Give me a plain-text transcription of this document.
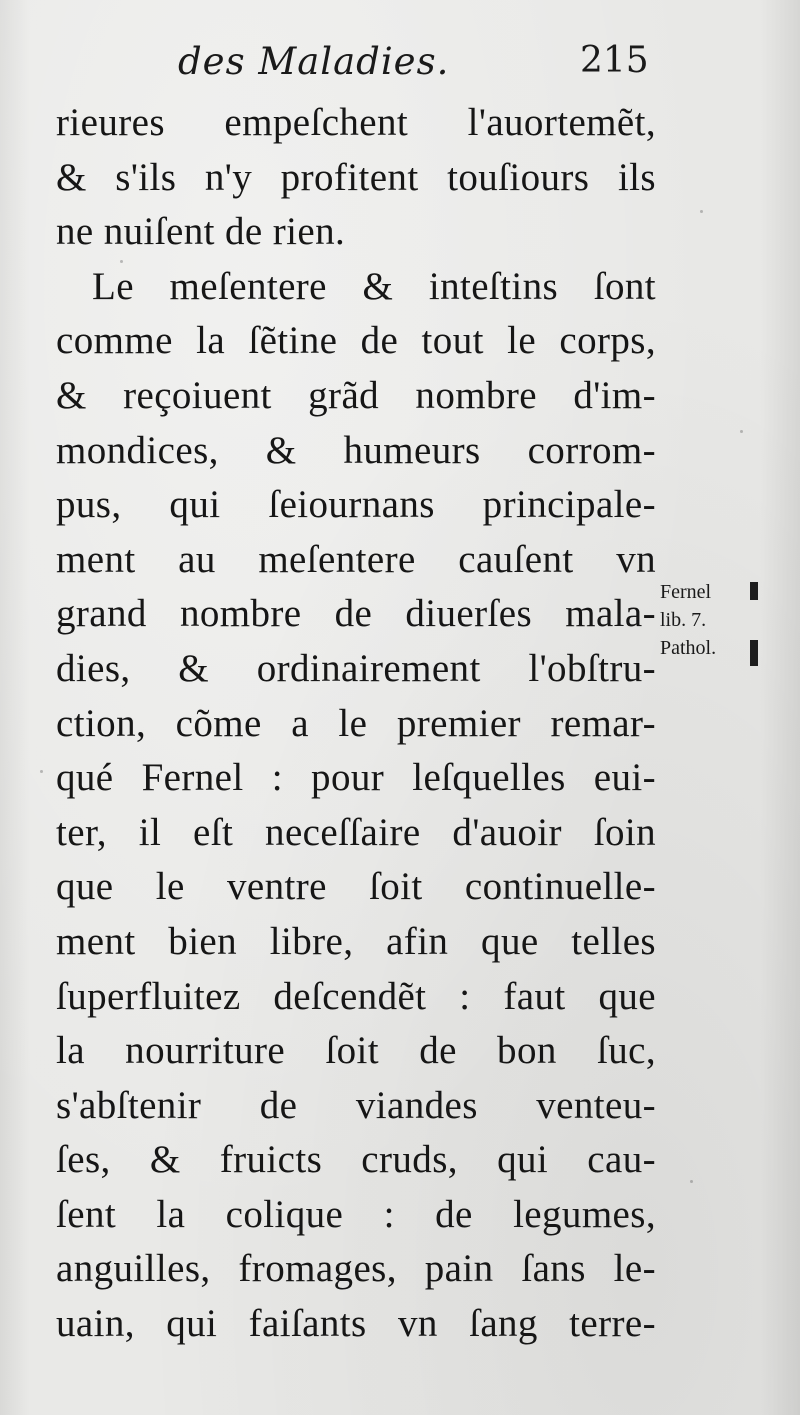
des Maladies.	215
rieures empeſchent l'auortemẽt,
& s'ils n'y profitent touſiours ils
ne nuiſent de rien.
Le meſentere & inteſtins ſont
comme la ſẽtine de tout le corps,
& reçoiuent grãd nombre d'im-
mondices, & humeurs corrom-
pus, qui ſeiournans principale-
ment au meſentere cauſent vn
grand nombre de diuerſes mala-
dies, & ordinairement l'obſtru-
ction, cõme a le premier remar-
qué Fernel : pour leſquelles eui-
ter, il eſt neceſſaire d'auoir ſoin
que le ventre ſoit continuelle-
ment bien libre, afin que telles
ſuperfluitez deſcendẽt : faut que
la nourriture ſoit de bon ſuc,
s'abſtenir de viandes venteu-
ſes, & fruicts cruds, qui cau-
ſent la colique : de legumes,
anguilles, fromages, pain ſans le-
uain, qui faiſants vn ſang terre-
Fernel
lib. 7.
Pathol.
